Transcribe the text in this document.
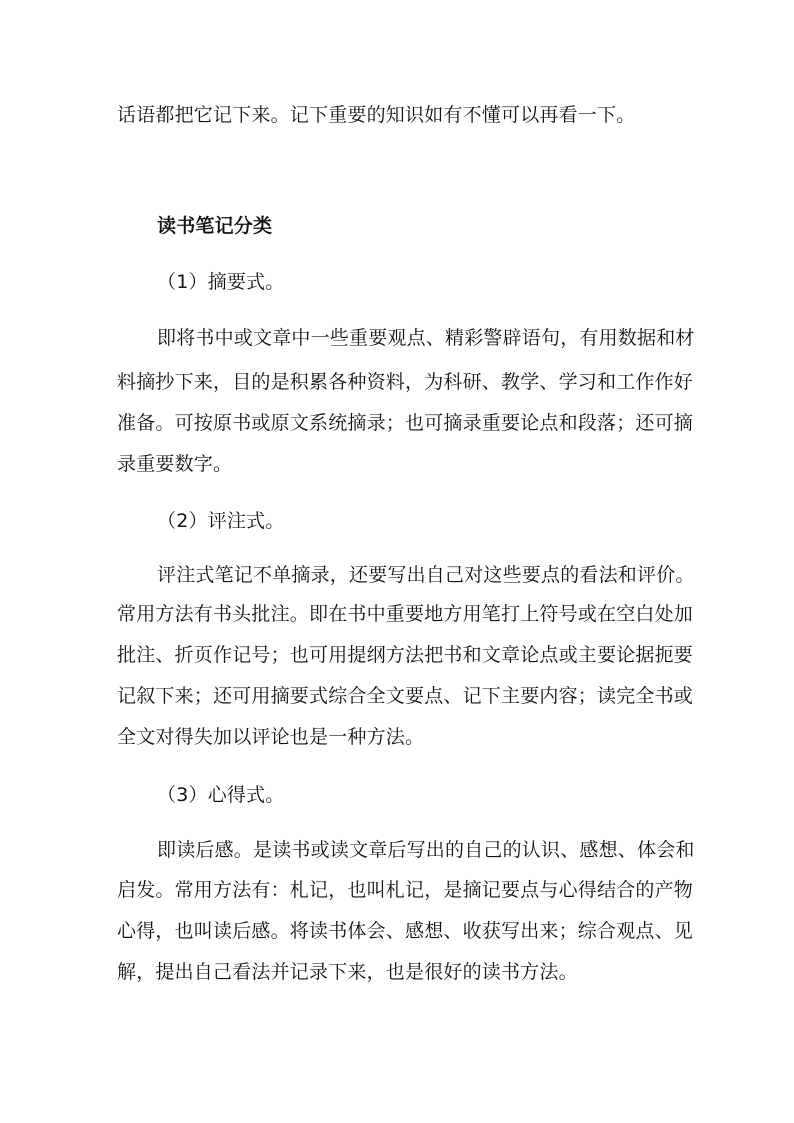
话语都把它记下来。记下重要的知识如有不懂可以再看一下。
读书笔记分类
（1）摘要式。
即将书中或文章中一些重要观点、精彩警辟语句，有用数据和材
料摘抄下来，目的是积累各种资料，为科研、教学、学习和工作作好
准备。可按原书或原文系统摘录；也可摘录重要论点和段落；还可摘
录重要数字。
（2）评注式。
评注式笔记不单摘录，还要写出自己对这些要点的看法和评价。
常用方法有书头批注。即在书中重要地方用笔打上符号或在空白处加
批注、折页作记号；也可用提纲方法把书和文章论点或主要论据扼要
记叙下来；还可用摘要式综合全文要点、记下主要内容；读完全书或
全文对得失加以评论也是一种方法。
（3）心得式。
即读后感。是读书或读文章后写出的自己的认识、感想、体会和
启发。常用方法有：札记，也叫札记，是摘记要点与心得结合的产物
心得，也叫读后感。将读书体会、感想、收获写出来；综合观点、见
解，提出自己看法并记录下来，也是很好的读书方法。
